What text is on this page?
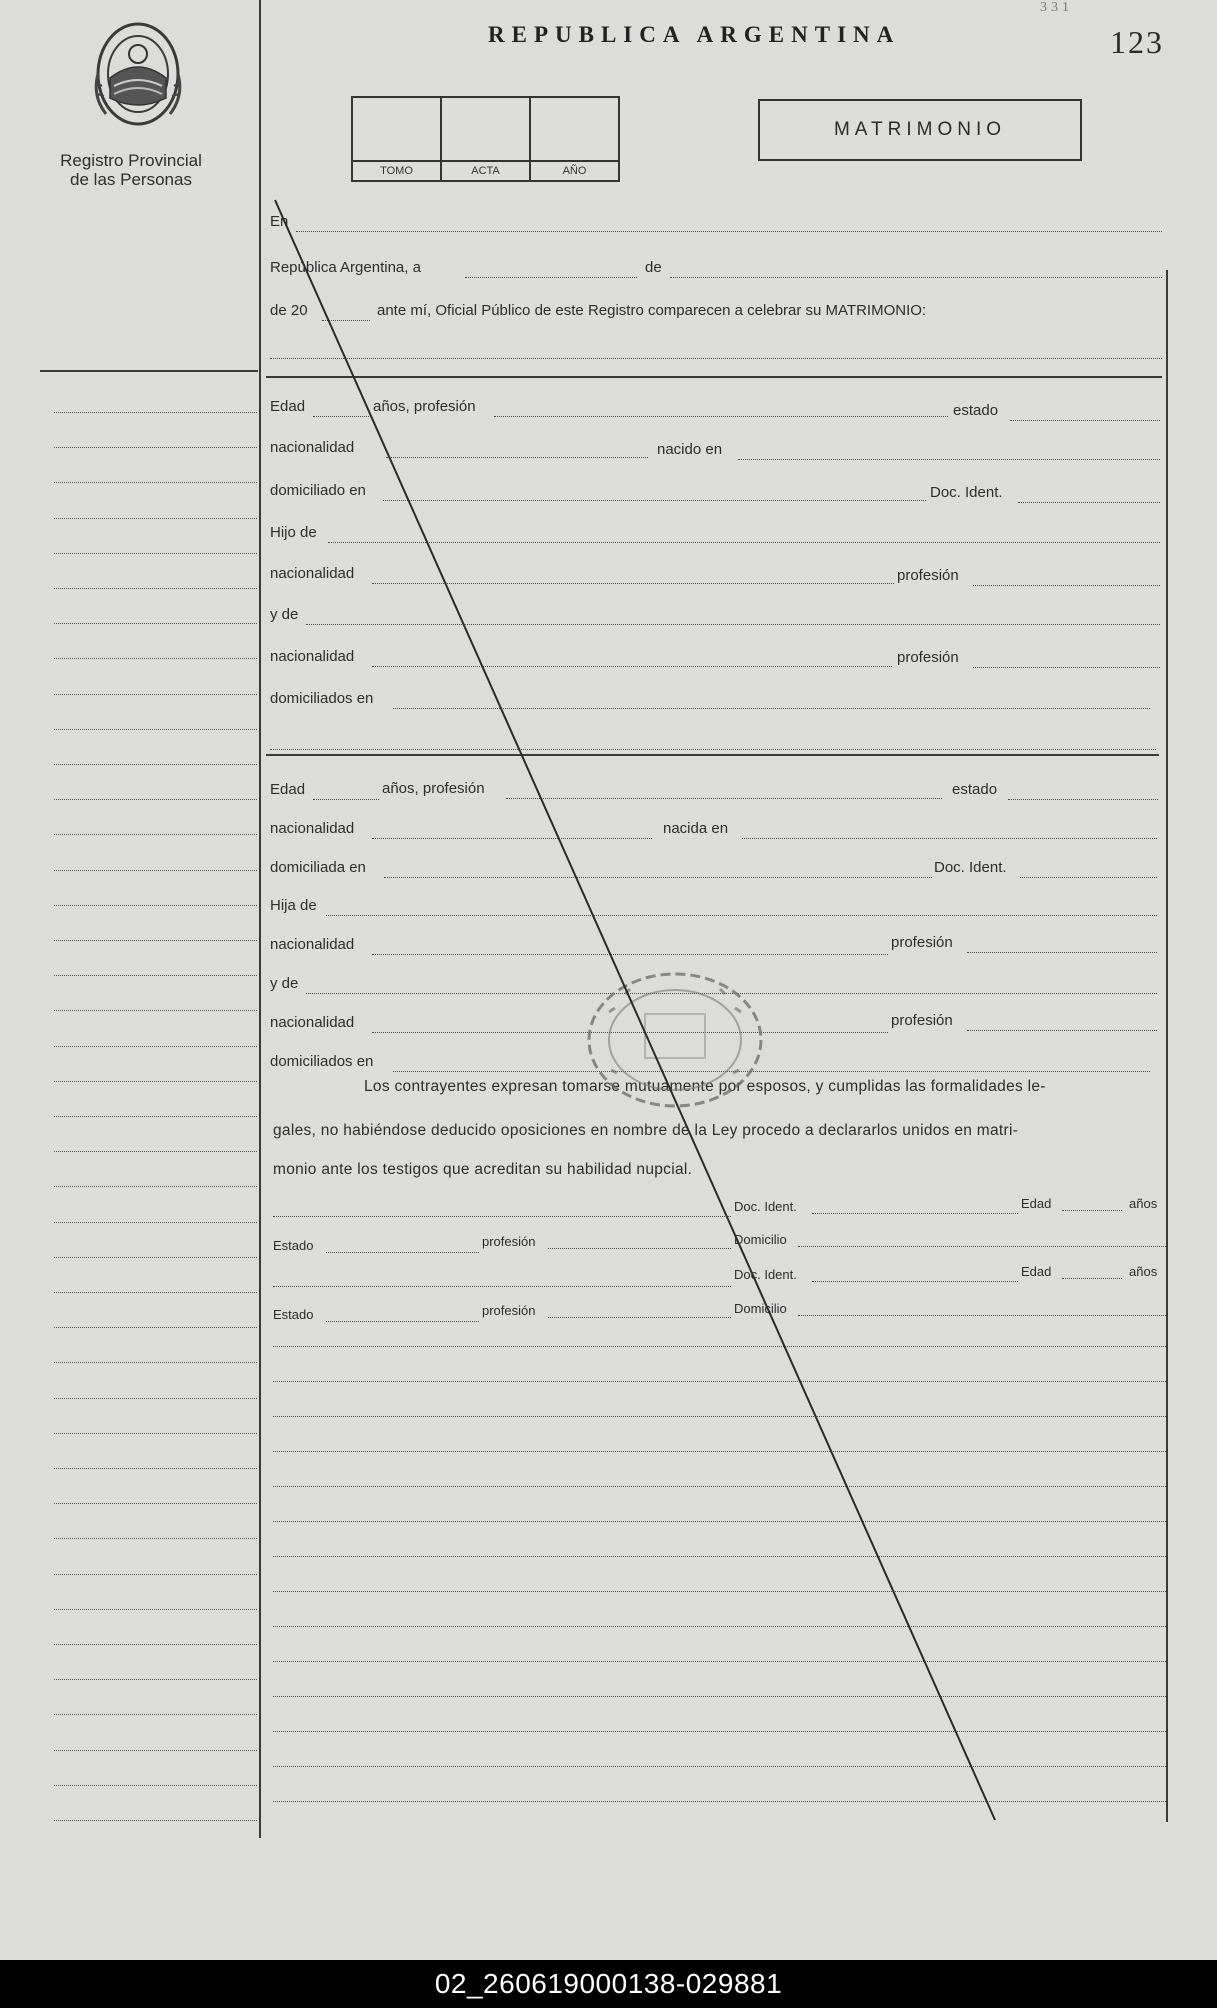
Registro Provincial
de las Personas
331
REPUBLICA ARGENTINA	123
TOMO	ACTA	AÑO
MATRIMONIO
En
República Argentina, a	de
de 20	ante mí, Oficial Público de este Registro comparecen a celebrar su MATRIMONIO:
Edad	años, profesión	estado
nacionalidad	nacido en
domiciliado en	Doc. Ident.
Hijo de
nacionalidad	profesión
y de
nacionalidad	profesión
domiciliados en
Edad	años, profesión	estado
nacionalidad	nacida en
domiciliada en	Doc. Ident.
Hija de
nacionalidad	profesión
y de
nacionalidad	profesión
domiciliados en
Los contrayentes expresan tomarse mutuamente por esposos, y cumplidas las formalidades le-
gales, no habiéndose deducido oposiciones en nombre de la Ley procedo a declararlos unidos en matri-
monio ante los testigos que acreditan su habilidad nupcial.
Doc. Ident.	Edad	años
Estado	profesión	Domicilio
Doc. Ident.	Edad	años
Estado	profesión	Domicilio
02_260619000138-029881
